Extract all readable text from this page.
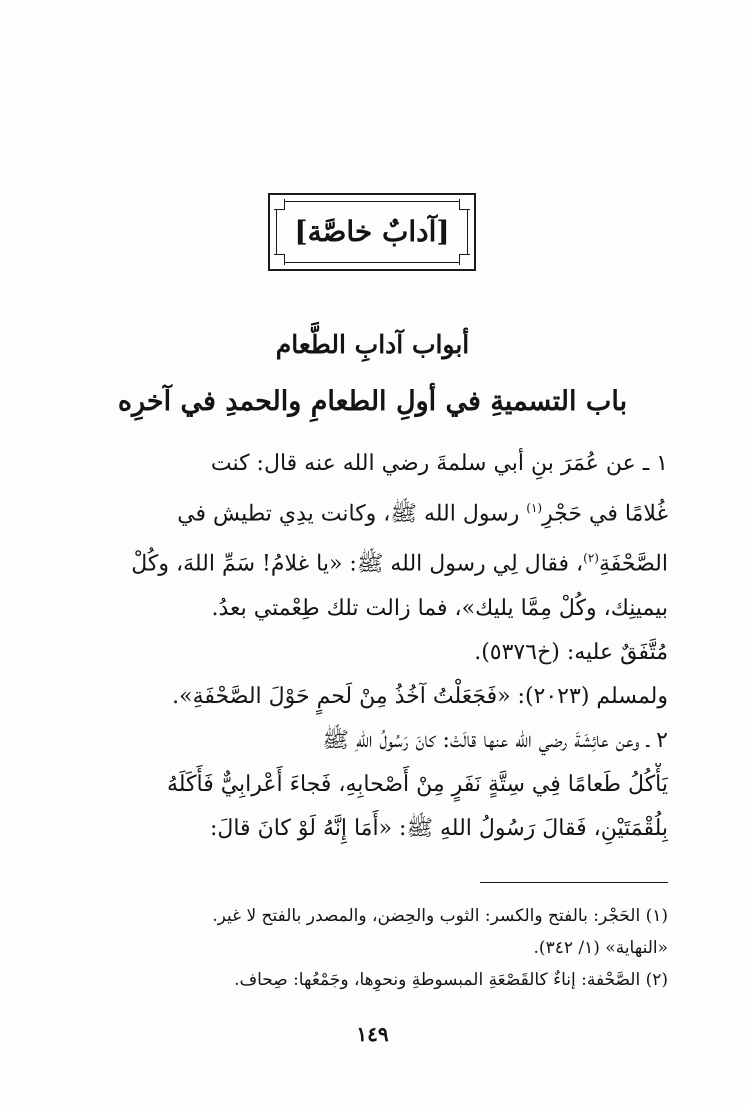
[آدابٌ خاصَّة]
أبواب آدابِ الطَّعام
باب التسميةِ في أولِ الطعامِ والحمدِ في آخرِه
١ ـ عن عُمَرَ بنِ أبي سلمةَ رضي الله عنه قال: كنت
غُلامًا في حَجْرِ$^{(١)}$ رسول الله ﷺ، وكانت يدِي تطيش في
الصَّحْفَةِ$^{(٢)}$، فقال لِي رسول الله ﷺ: «يا غلامُ! سَمِّ اللهَ، وكُلْ
بيمينِك، وكُلْ مِمَّا يليك»، فما زالت تلك طِعْمتي بعدُ.
مُتَّفَقٌ عليه: (خ٥٣٧٦).
ولمسلم (٢٠٢٣): «فَجَعَلْتُ آخُذُ مِنْ لَحمٍ حَوْلَ الصَّحْفَةِ».
٢ ـ وعن عائِشَةَ رضي الله عنها قالَتْ: كانَ رَسُولُ اللهِ ﷺ
يَأْكُلُ طَعامًا فِي سِتَّةٍ نَفَرٍ مِنْ أَصْحابِهِ، فَجاءَ أَعْرابِيٌّ فَأَكَلَهُ
بِلُقْمَتَيْنِ، فَقالَ رَسُولُ اللهِ ﷺ: «أَمَا إِنَّهُ لَوْ كانَ قالَ:
(١) الحَجْر: بالفتح والكسر: الثوب والحِضن، والمصدر بالفتح لا غير.
«النهاية» (١/ ٣٤٢).
(٢) الصَّحْفة: إناءٌ كالقَصْعَةِ المبسوطةِ ونحوِها، وجَمْعُها: صِحاف.
١٤٩
